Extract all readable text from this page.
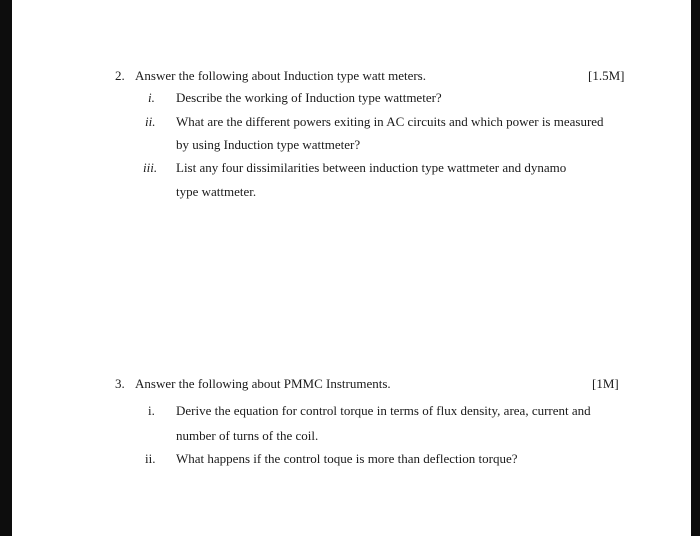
2. Answer the following about Induction type watt meters.	[1.5M]
i. Describe the working of Induction type wattmeter?
ii. What are the different powers exiting in AC circuits and which power is measured
by using Induction type wattmeter?
iii. List any four dissimilarities between induction type wattmeter and dynamo
type wattmeter.
3. Answer the following about PMMC Instruments.	[1M]
i. Derive the equation for control torque in terms of flux density, area, current and
number of turns of the coil.
ii. What happens if the control toque is more than deflection torque?
